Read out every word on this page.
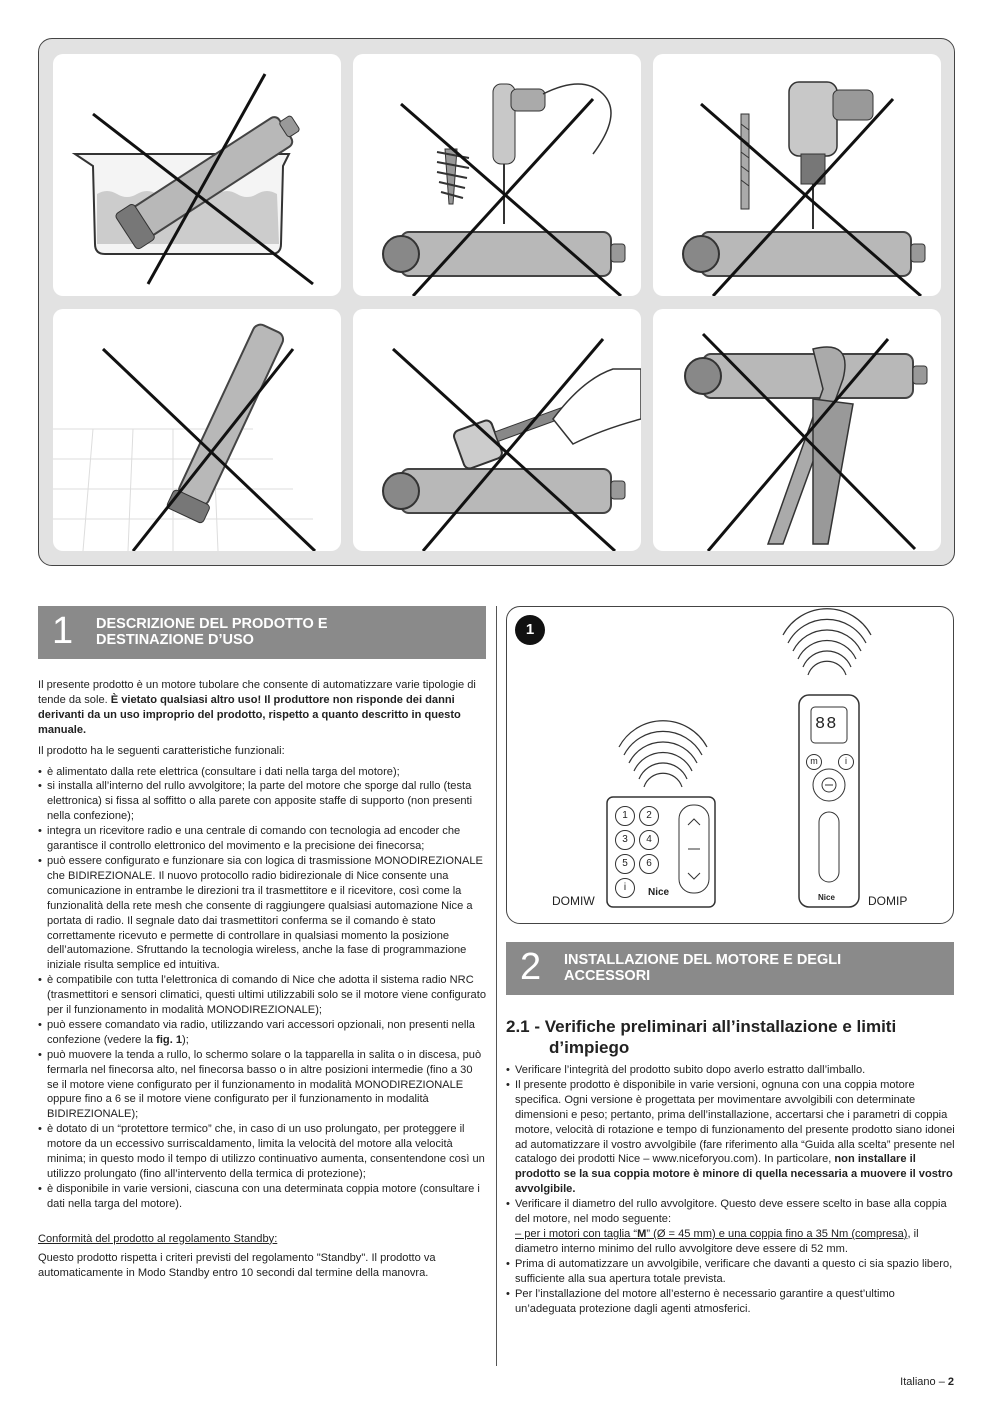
1 DESCRIZIONE DEL PRODOTTO E
DESTINAZIONE D’USO

Il presente prodotto è un motore tubolare che consente di automatizzare varie tipologie di tende da sole. È vietato qualsiasi altro uso! Il produttore non risponde dei danni derivanti da un uso improprio del prodotto, rispetto a quanto descritto in questo manuale.

Il prodotto ha le seguenti caratteristiche funzionali:

• è alimentato dalla rete elettrica (consultare i dati nella targa del motore);
• si installa all’interno del rullo avvolgitore; la parte del motore che sporge dal rullo (testa elettronica) si fissa al soffitto o alla parete con apposite staffe di supporto (non presenti nella confezione);
• integra un ricevitore radio e una centrale di comando con tecnologia ad encoder che garantisce il controllo elettronico del movimento e la precisione dei finecorsa;
• può essere configurato e funzionare sia con logica di trasmissione MONODIREZIONALE che BIDIREZIONALE. Il nuovo protocollo radio bidirezionale di Nice consente una comunicazione in entrambe le direzioni tra il trasmettitore e il ricevitore, così come la funzionalità della rete mesh che consente di raggiungere qualsiasi automazione Nice a portata di radio. Il segnale dato dai trasmettitori conferma se il comando è stato correttamente ricevuto e permette di controllare in qualsiasi momento la posizione dell’automazione. Sfruttando la tecnologia wireless, anche la fase di programmazione iniziale risulta semplice ed intuitiva.
• è compatibile con tutta l’elettronica di comando di Nice che adotta il sistema radio NRC (trasmettitori e sensori climatici, questi ultimi utilizzabili solo se il motore viene configurato per il funzionamento in modalità MONODIREZIONALE);
• può essere comandato via radio, utilizzando vari accessori opzionali, non presenti nella confezione (vedere la fig. 1);
• può muovere la tenda a rullo, lo schermo solare o la tapparella in salita o in discesa, può fermarla nel finecorsa alto, nel finecorsa basso o in altre posizioni intermedie (fino a 30 se il motore viene configurato per il funzionamento in modalità MONODIREZIONALE oppure fino a 6 se il motore viene configurato per il funzionamento in modalità BIDIREZIONALE);
• è dotato di un “protettore termico” che, in caso di un uso prolungato, per proteggere il motore da un eccessivo surriscaldamento, limita la velocità del motore alla velocità minima; in questo modo il tempo di utilizzo continuativo aumenta, consentendone così un utilizzo prolungato (fino all’intervento della termica di protezione);
• è disponibile in varie versioni, ciascuna con una determinata coppia motore (consultare i dati nella targa del motore).

Conformità del prodotto al regolamento Standby:

Questo prodotto rispetta i criteri previsti del regolamento "Standby". Il prodotto va automaticamente in Modo Standby entro 10 secondi dal termine della manovra.

1
1	2
3	4
5	6
i	Nice
88
m	i
Nice
DOMIW	DOMIP
2 INSTALLAZIONE DEL MOTORE E DEGLI
ACCESSORI
2.1 - Verifiche preliminari all’installazione e limiti
d’impiego
• Verificare l’integrità del prodotto subito dopo averlo estratto dall’imballo.
• Il presente prodotto è disponibile in varie versioni, ognuna con una coppia motore specifica. Ogni versione è progettata per movimentare avvolgibili con determinate dimensioni e peso; pertanto, prima dell’installazione, accertarsi che i parametri di coppia motore, velocità di rotazione e tempo di funzionamento del presente prodotto siano idonei ad automatizzare il vostro avvolgibile (fare riferimento alla “Guida alla scelta” presente nel catalogo dei prodotti Nice – www.niceforyou.com). In particolare, non installare il prodotto se la sua coppia motore è minore di quella necessaria a muovere il vostro avvolgibile.
• Verificare il diametro del rullo avvolgitore. Questo deve essere scelto in base alla coppia del motore, nel modo seguente:
– per i motori con taglia “M” (Ø = 45 mm) e una coppia fino a 35 Nm (compresa), il diametro interno minimo del rullo avvolgitore deve essere di 52 mm.
• Prima di automatizzare un avvolgibile, verificare che davanti a questo ci sia spazio libero, sufficiente alla sua apertura totale prevista.
• Per l’installazione del motore all’esterno è necessario garantire a quest’ultimo un’adeguata protezione dagli agenti atmosferici.
Italiano – 2
